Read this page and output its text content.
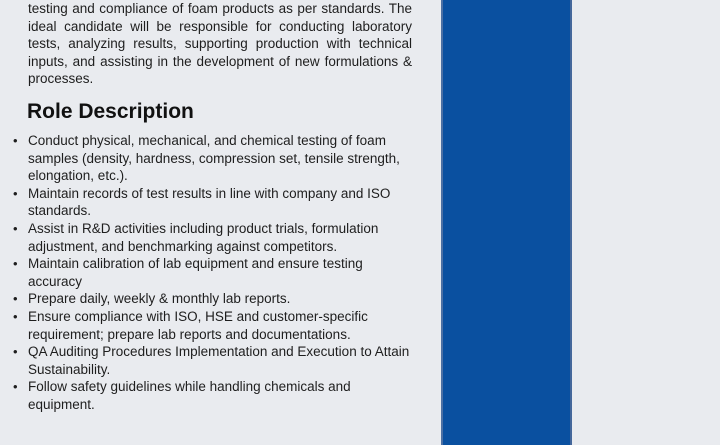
testing and compliance of foam products as per standards. The ideal candidate will be responsible for conducting laboratory tests, analyzing results, supporting production with technical inputs, and assisting in the development of new formulations & processes.

Role Description
• Conduct physical, mechanical, and chemical testing of foam samples (density, hardness, compression set, tensile strength, elongation, etc.).
• Maintain records of test results in line with company and ISO standards.
• Assist in R&D activities including product trials, formulation adjustment, and benchmarking against competitors.
• Maintain calibration of lab equipment and ensure testing accuracy
• Prepare daily, weekly & monthly lab reports.
• Ensure compliance with ISO, HSE and customer-specific requirement; prepare lab reports and documentations.
• QA Auditing Procedures Implementation and Execution to Attain Sustainability.
• Follow safety guidelines while handling chemicals and equipment.
